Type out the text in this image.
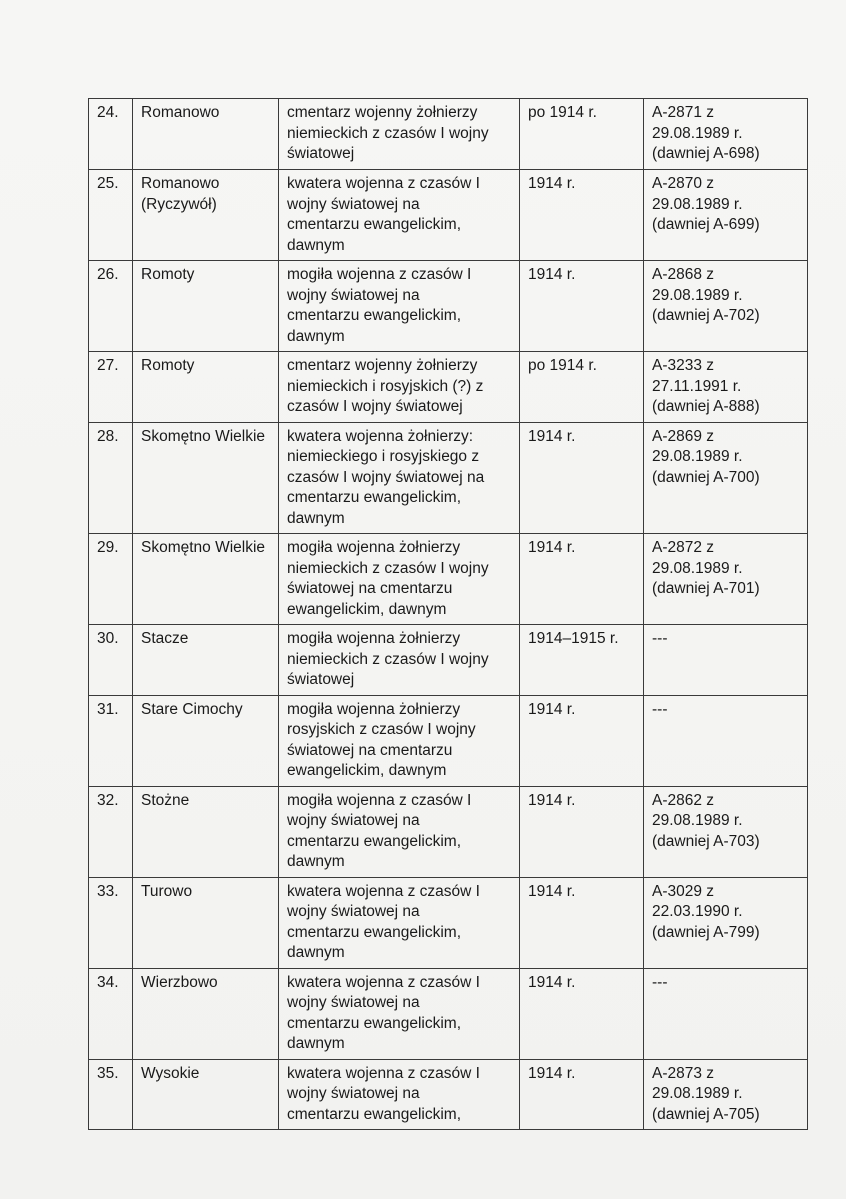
24.	Romanowo	cmentarz wojenny żołnierzy
niemieckich z czasów I wojny
światowej	po 1914 r.	A-2871 z
29.08.1989 r.
(dawniej A-698)

25.	Romanowo
(Ryczywół)	kwatera wojenna z czasów I
wojny światowej na
cmentarzu ewangelickim,
dawnym	1914 r.	A-2870 z
29.08.1989 r.
(dawniej A-699)

26.	Romoty	mogiła wojenna z czasów I
wojny światowej na
cmentarzu ewangelickim,
dawnym	1914 r.	A-2868 z
29.08.1989 r.
(dawniej A-702)

27.	Romoty	cmentarz wojenny żołnierzy
niemieckich i rosyjskich (?) z
czasów I wojny światowej	po 1914 r.	A-3233 z
27.11.1991 r.
(dawniej A-888)

28.	Skomętno Wielkie	kwatera wojenna żołnierzy:
niemieckiego i rosyjskiego z
czasów I wojny światowej na
cmentarzu ewangelickim,
dawnym	1914 r.	A-2869 z
29.08.1989 r.
(dawniej A-700)

29.	Skomętno Wielkie	mogiła wojenna żołnierzy
niemieckich z czasów I wojny
światowej na cmentarzu
ewangelickim, dawnym	1914 r.	A-2872 z
29.08.1989 r.
(dawniej A-701)

30.	Stacze	mogiła wojenna żołnierzy
niemieckich z czasów I wojny
światowej	1914–1915 r.	---

31.	Stare Cimochy	mogiła wojenna żołnierzy
rosyjskich z czasów I wojny
światowej na cmentarzu
ewangelickim, dawnym	1914 r.	---

32.	Stożne	mogiła wojenna z czasów I
wojny światowej na
cmentarzu ewangelickim,
dawnym	1914 r.	A-2862 z
29.08.1989 r.
(dawniej A-703)

33.	Turowo	kwatera wojenna z czasów I
wojny światowej na
cmentarzu ewangelickim,
dawnym	1914 r.	A-3029 z
22.03.1990 r.
(dawniej A-799)

34.	Wierzbowo	kwatera wojenna z czasów I
wojny światowej na
cmentarzu ewangelickim,
dawnym	1914 r.	---

35.	Wysokie	kwatera wojenna z czasów I
wojny światowej na
cmentarzu ewangelickim,	1914 r.	A-2873 z
29.08.1989 r.
(dawniej A-705)
